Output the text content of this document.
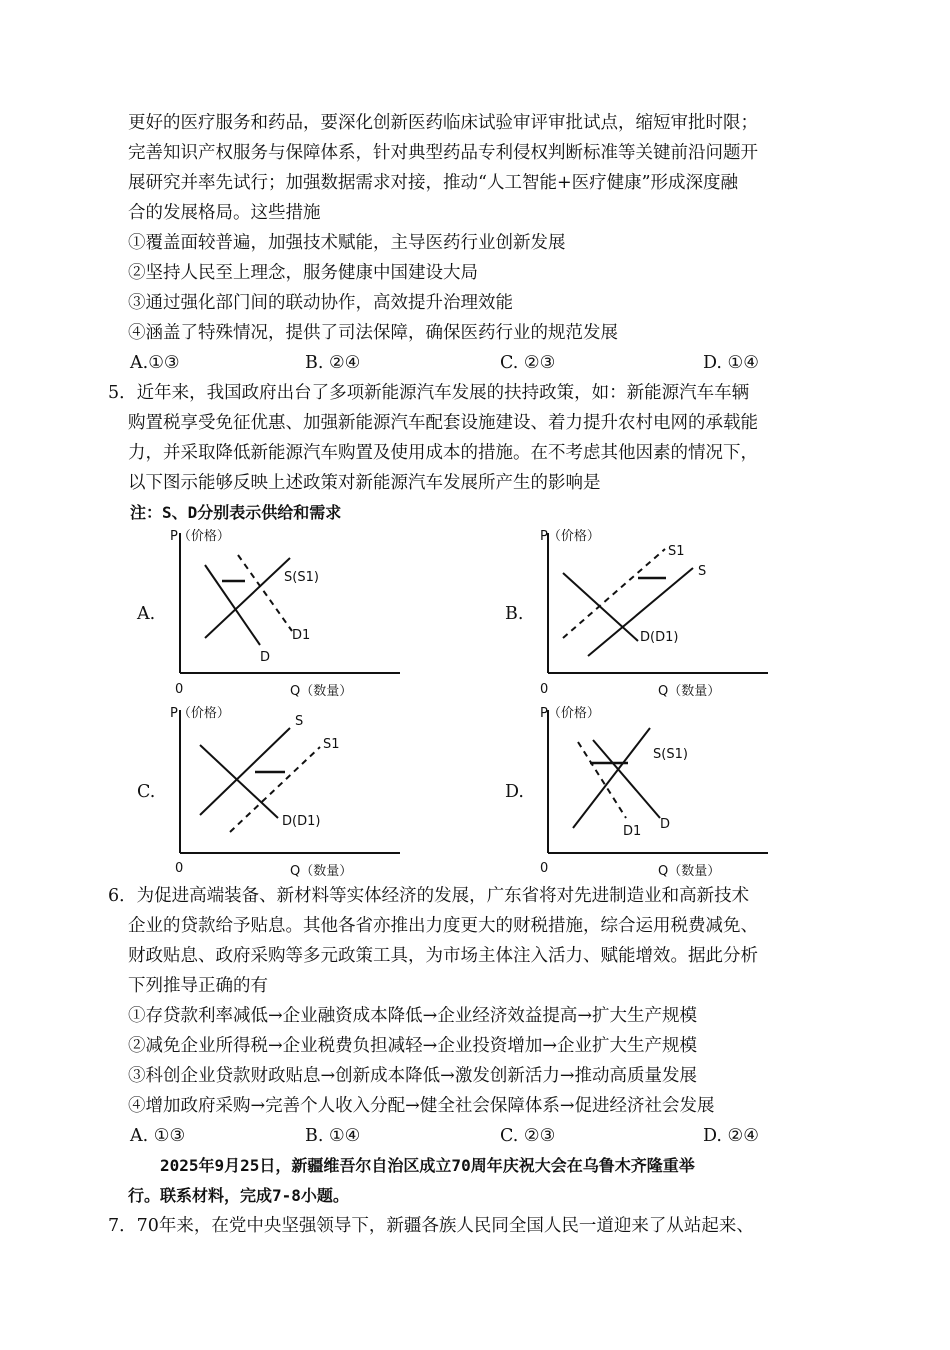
更好的医疗服务和药品，要深化创新医药临床试验审评审批试点，缩短审批时限；
完善知识产权服务与保障体系，针对典型药品专利侵权判断标准等关键前沿问题开
展研究并率先试行；加强数据需求对接，推动“人工智能+医疗健康”形成深度融
合的发展格局。这些措施
①覆盖面较普遍，加强技术赋能，主导医药行业创新发展
②坚持人民至上理念，服务健康中国建设大局
③通过强化部门间的联动协作，高效提升治理效能
④涵盖了特殊情况，提供了司法保障，确保医药行业的规范发展
A.①③	B. ②④	C. ②③	D. ①④
5．近年来，我国政府出台了多项新能源汽车发展的扶持政策，如：新能源汽车车辆
购置税享受免征优惠、加强新能源汽车配套设施建设、着力提升农村电网的承载能
力，并采取降低新能源汽车购置及使用成本的措施。在不考虑其他因素的情况下，
以下图示能够反映上述政策对新能源汽车发展所产生的影响是
注：S、D分别表示供给和需求
A.
P（价格）
0	Q（数量）
S(S1)
D
D1
B.
P（价格）
0	Q（数量）
S1
S
D(D1)
C.
P（价格）
0	Q（数量）
S
S1
D(D1)
D.
P（价格）
0	Q（数量）
S(S1)
D1 D
6．为促进高端装备、新材料等实体经济的发展，广东省将对先进制造业和高新技术
企业的贷款给予贴息。其他各省亦推出力度更大的财税措施，综合运用税费减免、
财政贴息、政府采购等多元政策工具，为市场主体注入活力、赋能增效。据此分析
下列推导正确的有
①存贷款利率减低→企业融资成本降低→企业经济效益提高→扩大生产规模
②减免企业所得税→企业税费负担减轻→企业投资增加→企业扩大生产规模
③科创企业贷款财政贴息→创新成本降低→激发创新活力→推动高质量发展
④增加政府采购→完善个人收入分配→健全社会保障体系→促进经济社会发展
A. ①③	B. ①④	C. ②③	D. ②④
2025年9月25日，新疆维吾尔自治区成立70周年庆祝大会在乌鲁木齐隆重举
行。联系材料，完成7-8小题。
7．70年来，在党中央坚强领导下，新疆各族人民同全国人民一道迎来了从站起来、
